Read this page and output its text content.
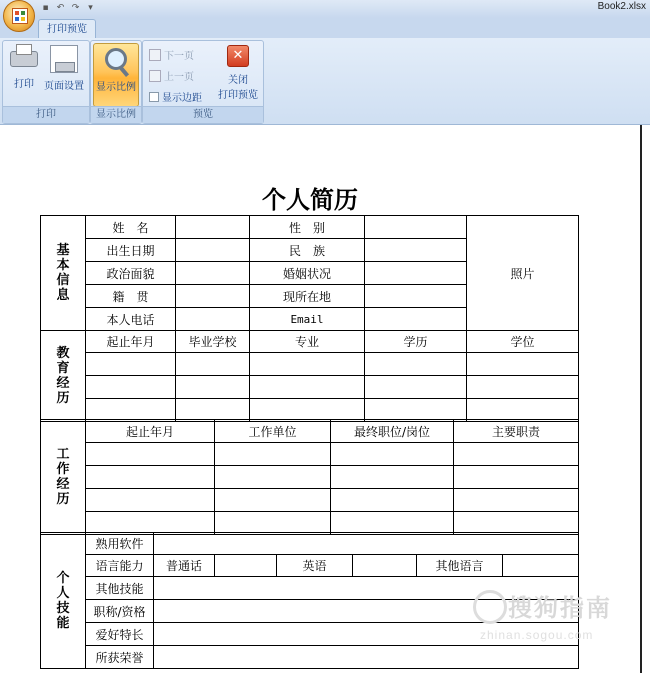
▪ ↶ ↷ ▾	Book2.xlsx
打印预览
打印	页面设置
打印
显示比例
显示比例
下一页
上一页
显示边距
✕
关闭
打印预览
预览
个人简历
基
本
信
息	姓　名		性　别		照片
	出生日期		民　族		
	政治面貌		婚姻状况		
	籍　贯		现所在地		
	本人电话		Email		

教
育
经
历	起止年月	毕业学校	专业	学历	学位

工
作
经
历	起止年月	工作单位	最终职位/岗位	主要职责

个
人
技
能	熟用软件						
	语言能力	普通话		英语		其他语言	
	其他技能						
	职称/资格						
	爱好特长						
	所获荣誉						
搜狗指南
zhinan.sogou.com
